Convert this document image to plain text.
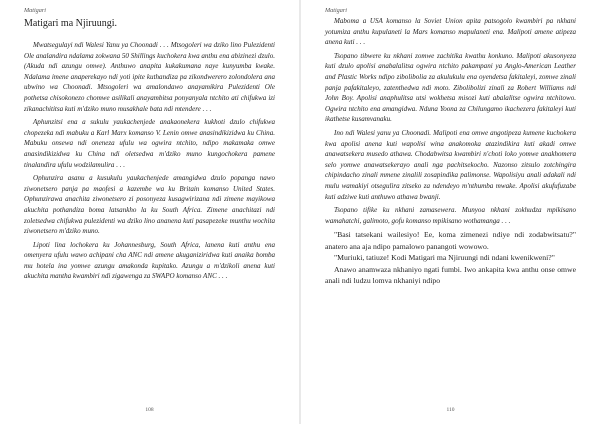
Matigari
Matigari ma Njiruungi.

Mwatsegulayi ndi Walesi Yanu ya Choonadi . . . Mtsogoleri wa dziko lino Pulezidenti Ole analandira ndalama zokwana 50 Shillings kuchokera kwa anthu ena abizinezi dzulo. (Akuda ndi azungu omwe). Anthuwo anapita kukakumana naye kunyumba kwake. Ndalama imene anaperekayo ndi yoti ipite kuthandiza pa zikondwerero zolondolera ana ubwino wa Choonadi. Mtsogoleri wa amalondawo anayamikira Pulezidenti Ole pothetsa chisokonezo chomwe asilikali anayambitsa ponyanyala ntchito ati chifukwa izi zikanachititsa kuti m'dziko muno musakhale bata ndi mtendere . . .

Aphunzitsi ena a sukulu yaukachenjede anakaonekera kukhoti dzulo chifukwa chopezeka ndi mabuku a Karl Marx komanso V. Lenin omwe anasindikizidwa ku China. Mabuku onsewa ndi oneneza ufulu wa ogwira ntchito, ndipo makamaka omwe anasindikizidwa ku China ndi oletsedwa m'dziko muno kungochokera pamene tinalandira ufulu wodzilamulira . . .

Ophunzira asanu a kusukulu yaukachenjede amangidwa dzulo popanga nawo ziwonetsero panja pa maofesi a kazembe wa ku Britain komanso United States. Ophunzirawa anachita ziwonetsero zi posonyeza kusagwirizana ndi zimene mayikowa akuchita pothandiza boma latsankho la ku South Africa. Zimene anachitazi ndi zoletsedwa chifukwa pulezidenti wa dziko lino ananena kuti pasapezeke munthu wochita ziwonetsero m'dziko muno.

Lipoti lina lochokera ku Johannesburg, South Africa, lanena kuti anthu ena omenyera ufulu wawo achipani cha ANC ndi amene akuganiziridwa kuti anaika bomba mu hotela ina yomwe azungu amakonda kupitako. Azungu a m'dzikoli anena kuti akuchita mantha kwambiri ndi zigawenga za SWAPO komanso ANC . . .

108
Matigari

Maboma a USA komanso la Soviet Union apita patsogolo kwambiri pa nkhani yotumiza anthu kupulaneti la Mars komanso mapulaneti ena. Malipoti amene atipeza anena kuti . . .

Tsopano tibwere ku nkhani zomwe zachitika kwathu konkuno. Malipoti akusonyeza kuti dzulo apolisi anabalalitsa ogwira ntchito pakampani ya Anglo-American Leather and Plastic Works ndipo zibolibolia za akulukulu ena oyendetsa fakitaleyi, zomwe zinali panja pafakitaleyo, zatenthedwa ndi moto. Zibolibolizi zinali za Robert Williams ndi John Boy. Apolisi anaphulitsa utsi wokhetsa misozi kuti abalalitse ogwira ntchitowo. Ogwira ntchito ena amangidwa. Nduna Yoona za Chilungamo ikachezera fakitaleyi kuti ikathetse kusamvanaku.

Ino ndi Walesi yanu ya Choonadi. Malipoti ena omwe angotipeza kumene kuchokera kwa apolisi anena kuti wapolisi wina anakomoka atazindikira kuti akadi omwe anawatsekera musedo athawa. Chodabwitsa kwambiri n'choti loko yomwe anakhomera selo yomwe anawatsekerayo anali nga pachitsekocho. Nazonso zitsulo zotchingira chipindacho zinali mmene zinalili zosapindika palimonse. Wapolisiyu anali adakali ndi mulu wamakiyi otsegulira zitseko za ndendeyo m'nthumba mwake. Apolisi akufufuzabe kuti adziwe kuti anthuwo athawa bwanji.

Tsopano tifike ku nkhani zamasewera. Munyoa nkhani zokhudza mpikisano wamahatchi, galimoto, gofu komanso mpikisano wothamanga . . .

"Basi tatsekani wailesiyo! Ee, koma zimenezi ndiye ndi zodabwitsatu?" anatero ana aja ndipo pamalowo panangoti wowowo.

"Muriuki, tatiuze! Kodi Matigari ma Njiruungi ndi ndani kwenikweni?"

Anawo anamwaza nkhaniyo ngati fumbi. Iwo ankapita kwa anthu onse omwe anali ndi ludzu lomva nkhaniyi ndipo

110
